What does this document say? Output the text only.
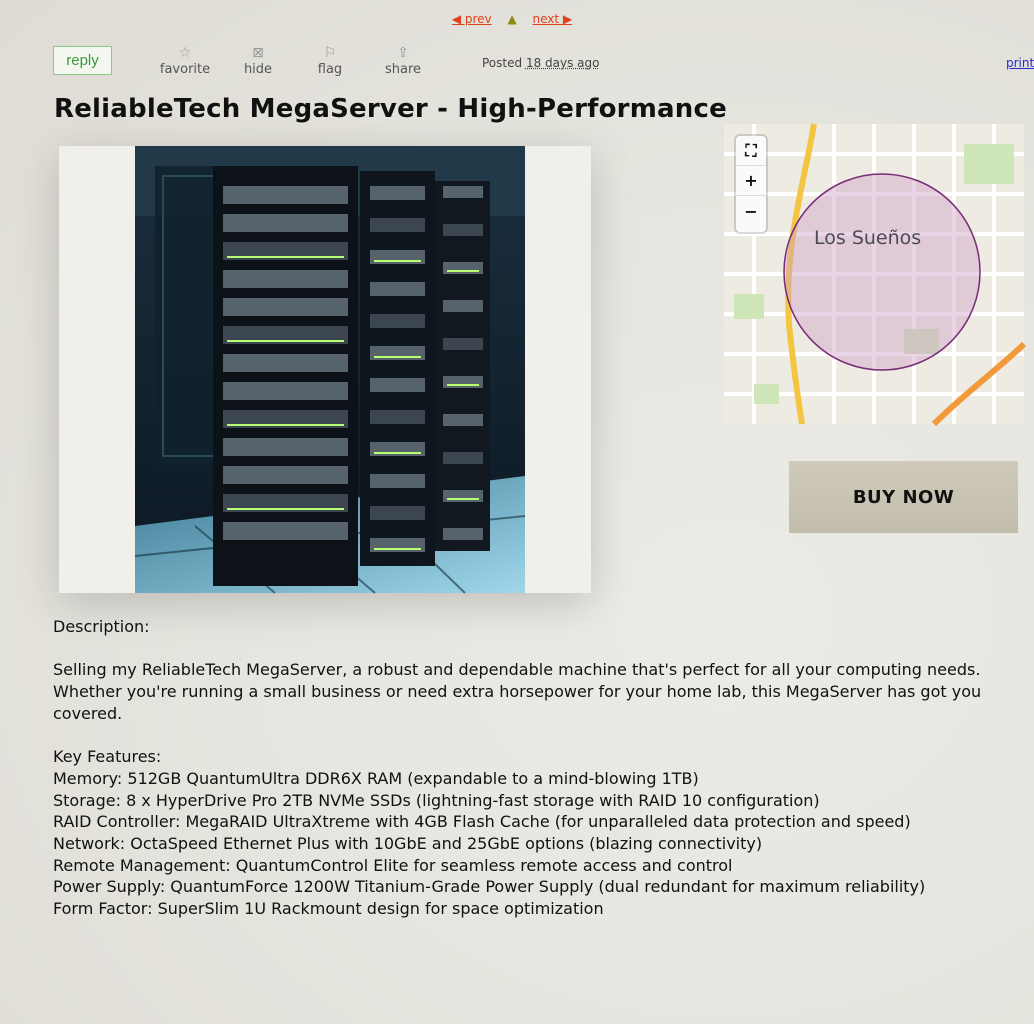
◀ prev ▲ next ▶
reply	☆
favorite
⊠
hide
⚐
flag
⇪
share	Posted 18 days ago	print
ReliableTech MegaServer - High-Performance
Los Sueños
⛶
+
−
BUY NOW

Description:

Selling my ReliableTech MegaServer, a robust and dependable machine that's perfect for all your computing needs. Whether you're running a small business or need extra horsepower for your home lab, this MegaServer has got you covered.

Key Features:

Memory: 512GB QuantumUltra DDR6X RAM (expandable to a mind-blowing 1TB)

Storage: 8 x HyperDrive Pro 2TB NVMe SSDs (lightning-fast storage with RAID 10 configuration)

RAID Controller: MegaRAID UltraXtreme with 4GB Flash Cache (for unparalleled data protection and speed)

Network: OctaSpeed Ethernet Plus with 10GbE and 25GbE options (blazing connectivity)

Remote Management: QuantumControl Elite for seamless remote access and control

Power Supply: QuantumForce 1200W Titanium-Grade Power Supply (dual redundant for maximum reliability)

Form Factor: SuperSlim 1U Rackmount design for space optimization
